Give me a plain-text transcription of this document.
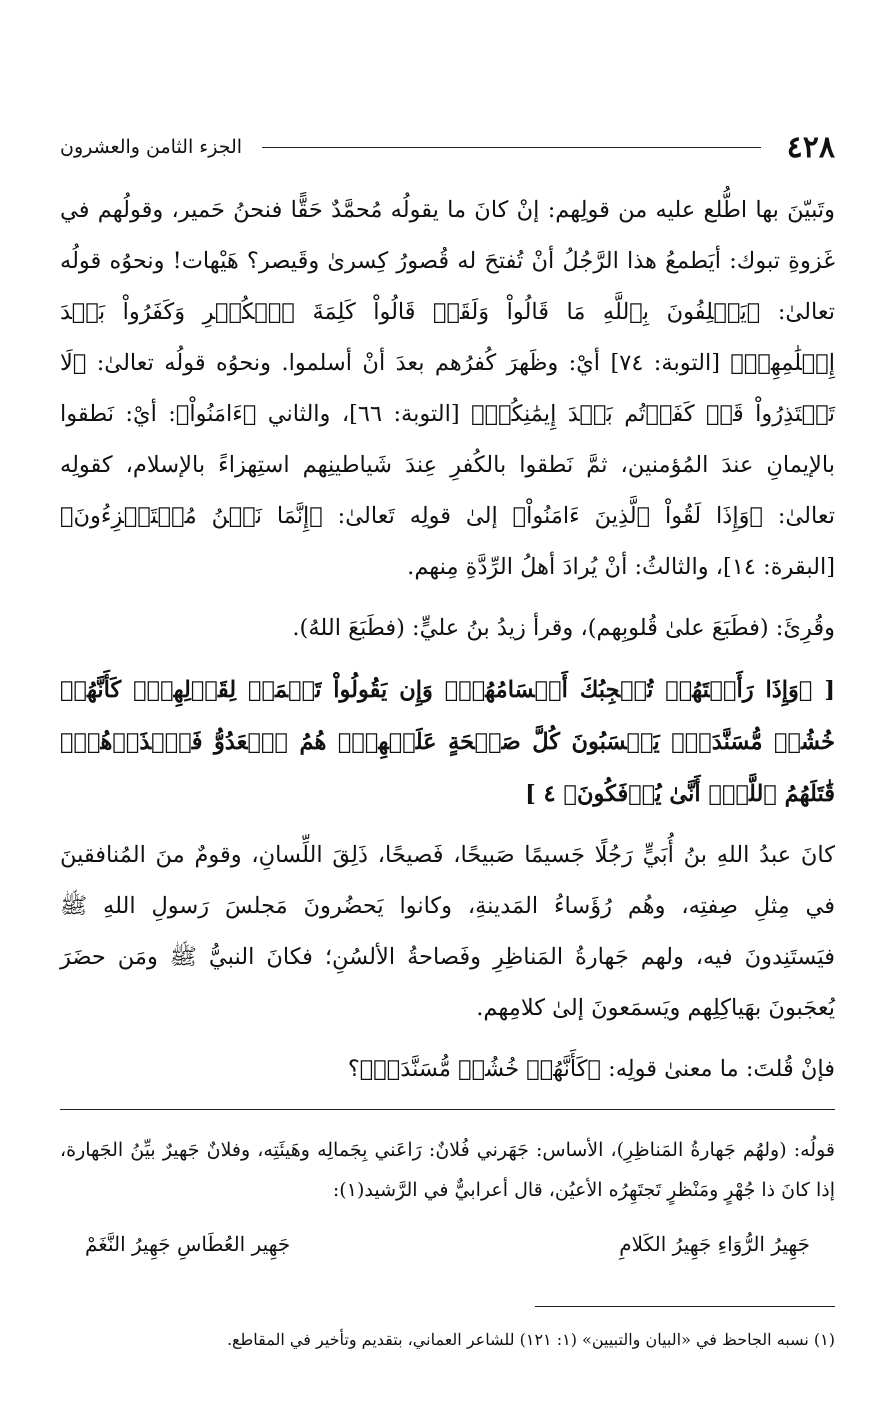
٤٢٨
الجزء الثامن والعشرون

وتَبيّنَ بها اطُّلع عليه من قولِهم: إنْ كانَ ما يقولُه مُحمَّدٌ حَقًّا فنحنُ حَمير، وقولُهم في غَزوةِ تبوك: أيَطمعُ هذا الرَّجُلُ أنْ تُفتحَ له قُصورُ كِسرىٰ وقَيصر؟ هَيْهات! ونحوُه قولُه تعالىٰ: ﴿يَحۡلِفُونَ بِٱللَّهِ مَا قَالُواْ وَلَقَدۡ قَالُواْ كَلِمَةَ ٱلۡكُفۡرِ وَكَفَرُواْ بَعۡدَ إِسۡلَٰمِهِمۡ﴾ [التوبة: ٧٤] أيْ: وظَهرَ كُفرُهم بعدَ أنْ أسلموا. ونحوُه قولُه تعالىٰ: ﴿لَا تَعۡتَذِرُواْ قَدۡ كَفَرۡتُم بَعۡدَ إِيمَٰنِكُمۡ﴾ [التوبة: ٦٦]، والثاني ﴿ءَامَنُواْ﴾: أيْ: نَطقوا بالإيمانِ عندَ المُؤمنين، ثمَّ نَطقوا بالكُفرِ عِندَ شَياطينِهم استِهزاءً بالإسلام، كقولِه تعالىٰ: ﴿وَإِذَا لَقُواْ ٱلَّذِينَ ءَامَنُواْ﴾ إلىٰ قولِه تَعالىٰ: ﴿إِنَّمَا نَحۡنُ مُسۡتَهۡزِءُونَ﴾ [البقرة: ١٤]، والثالثُ: أنْ يُرادَ أهلُ الرِّدَّةِ مِنهم.

وقُرِئَ: (فطَبَعَ علىٰ قُلوبِهم)، وقرأ زيدُ بنُ عليٍّ: (فطَبَعَ اللهُ).

[ ﴿وَإِذَا رَأَيۡتَهُمۡ تُعۡجِبُكَ أَجۡسَامُهُمۡۖ وَإِن يَقُولُواْ تَسۡمَعۡ لِقَوۡلِهِمۡۖ كَأَنَّهُمۡ خُشُبٞ مُّسَنَّدَةٞۖ يَحۡسَبُونَ كُلَّ صَيۡحَةٍ عَلَيۡهِمۡۚ هُمُ ٱلۡعَدُوُّ فَٱحۡذَرۡهُمۡۚ قَٰتَلَهُمُ ٱللَّهُۖ أَنَّىٰ يُؤۡفَكُونَ﴾ ٤ ]

كانَ عبدُ اللهِ بنُ أُبَيٍّ رَجُلًا جَسيمًا صَبيحًا، فَصيحًا، ذَلِقَ اللِّسانِ، وقومٌ منَ المُنافقينَ في مِثلِ صِفتِه، وهُم رُؤَساءُ المَدينةِ، وكانوا يَحضُرونَ مَجلسَ رَسولِ اللهِ ﷺ فيَستَنِدونَ فيه، ولهم جَهارةُ المَناظِرِ وفَصاحةُ الألسُنِ؛ فكانَ النبيُّ ﷺ ومَن حضَرَ يُعجَبونَ بهَياكِلِهم ويَسمَعونَ إلىٰ كلامِهم.

فإنْ قُلتَ: ما معنىٰ قولِه: ﴿كَأَنَّهُمۡ خُشُبٞ مُّسَنَّدَةٞ﴾؟

قولُه: (ولهُم جَهارةُ المَناظِرِ)، الأساس: جَهَرني فُلانٌ: رَاعَني بِجَمالِه وهَيئَتِه، وفلانٌ جَهيرٌ بيِّنُ الجَهارة، إذا كانَ ذا جُهْرٍ ومَنْظرٍ تَجتَهِرُه الأعيُن، قال أعرابيٌّ في الرَّشيد(١):

جَهِيرُ الرُّوَاءِ جَهِيرُ الكَلامِ
جَهِير العُطَاسِ جَهِيرُ النَّغَمْ

(١) نسبه الجاحظ في «البيان والتبيين» (١: ١٢١) للشاعر العماني، بتقديم وتأخير في المقاطع.
